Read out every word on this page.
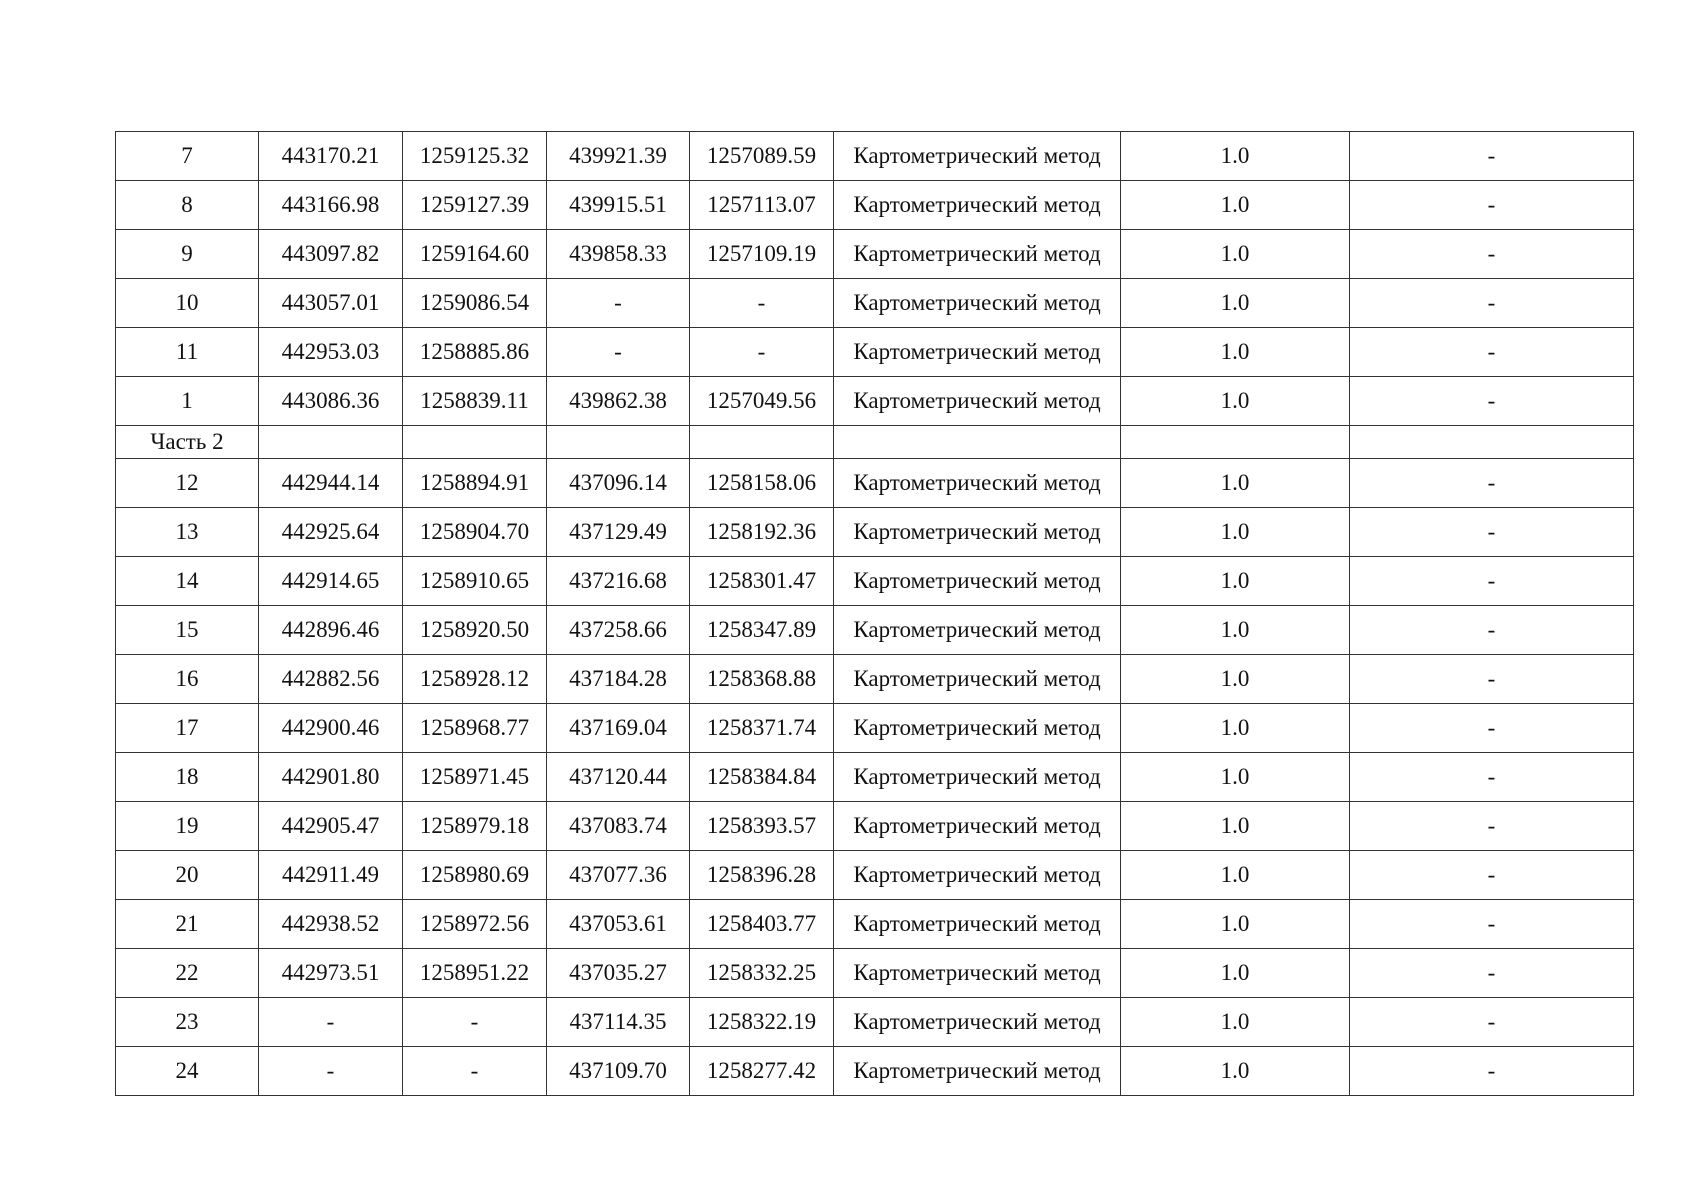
7	443170.21	1259125.32	439921.39	1257089.59	Картометрический метод	1.0	-
8	443166.98	1259127.39	439915.51	1257113.07	Картометрический метод	1.0	-
9	443097.82	1259164.60	439858.33	1257109.19	Картометрический метод	1.0	-
10	443057.01	1259086.54	-	-	Картометрический метод	1.0	-
11	442953.03	1258885.86	-	-	Картометрический метод	1.0	-
1	443086.36	1258839.11	439862.38	1257049.56	Картометрический метод	1.0	-
Часть 2							
12	442944.14	1258894.91	437096.14	1258158.06	Картометрический метод	1.0	-
13	442925.64	1258904.70	437129.49	1258192.36	Картометрический метод	1.0	-
14	442914.65	1258910.65	437216.68	1258301.47	Картометрический метод	1.0	-
15	442896.46	1258920.50	437258.66	1258347.89	Картометрический метод	1.0	-
16	442882.56	1258928.12	437184.28	1258368.88	Картометрический метод	1.0	-
17	442900.46	1258968.77	437169.04	1258371.74	Картометрический метод	1.0	-
18	442901.80	1258971.45	437120.44	1258384.84	Картометрический метод	1.0	-
19	442905.47	1258979.18	437083.74	1258393.57	Картометрический метод	1.0	-
20	442911.49	1258980.69	437077.36	1258396.28	Картометрический метод	1.0	-
21	442938.52	1258972.56	437053.61	1258403.77	Картометрический метод	1.0	-
22	442973.51	1258951.22	437035.27	1258332.25	Картометрический метод	1.0	-
23	-	-	437114.35	1258322.19	Картометрический метод	1.0	-
24	-	-	437109.70	1258277.42	Картометрический метод	1.0	-
